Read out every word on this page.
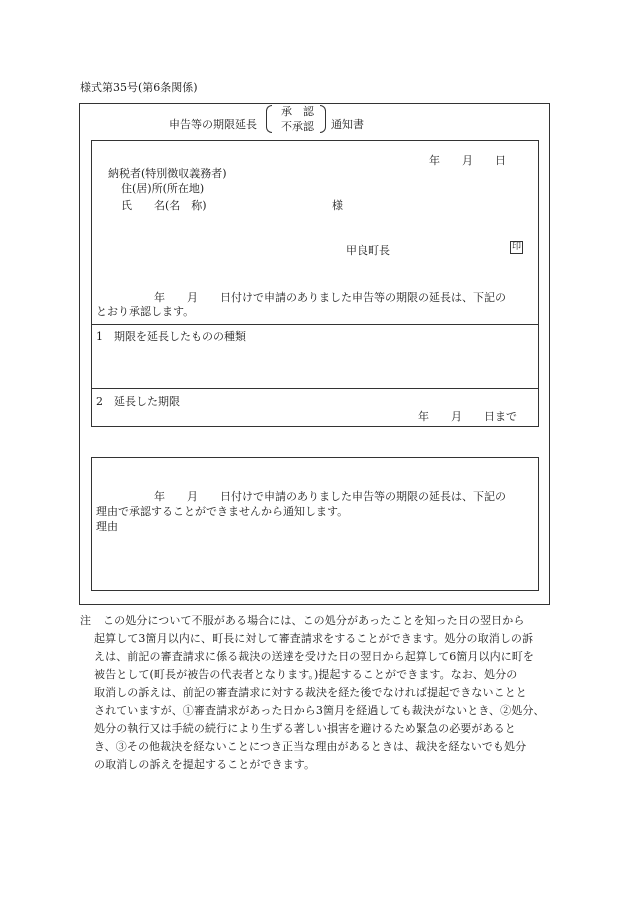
様式第35号(第6条関係)
申告等の期限延長
承　認
不承認	通知書
年　　月　　日
納税者(特別徴収義務者)
住(居)所(所在地)
氏　　名(名　称)	様
甲良町長	印
年　　月　　日付けで申請のありました申告等の期限の延長は、下記の
とおり承認します。
1　期限を延長したものの種類
2　延長した期限
年　　月　　日まで
年　　月　　日付けで申請のありました申告等の期限の延長は、下記の
理由で承認することができませんから通知します。
理由
注 この処分について不服がある場合には、この処分があったことを知った日の翌日から
起算して3箇月以内に、町長に対して審査請求をすることができます。処分の取消しの訴
えは、前記の審査請求に係る裁決の送達を受けた日の翌日から起算して6箇月以内に町を
被告として(町長が被告の代表者となります。)提起することができます。なお、処分の
取消しの訴えは、前記の審査請求に対する裁決を経た後でなければ提起できないことと
されていますが、①審査請求があった日から3箇月を経過しても裁決がないとき、②処分、
処分の執行又は手続の続行により生ずる著しい損害を避けるため緊急の必要があると
き、③その他裁決を経ないことにつき正当な理由があるときは、裁決を経ないでも処分
の取消しの訴えを提起することができます。
